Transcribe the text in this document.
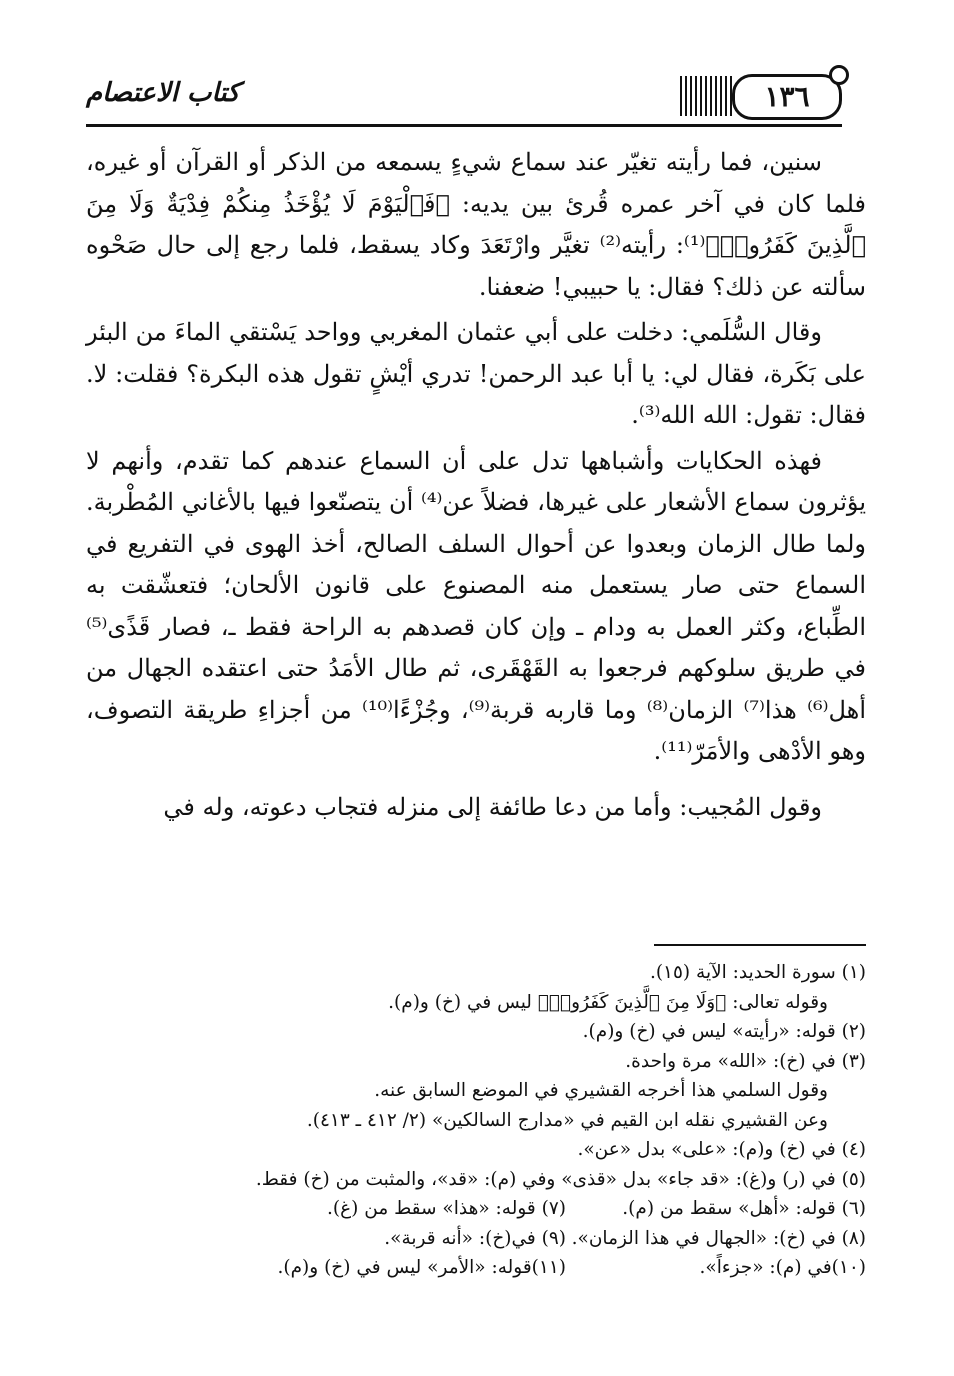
كتاب الاعتصام	١٣٦

سنين، فما رأيته تغيّر عند سماع شيءٍ يسمعه من الذكر أو القرآن أو غيره، فلما كان في آخر عمره قُرئ بين يديه: ﴿فَٱلْيَوْمَ لَا يُؤْخَذُ مِنكُمْ فِدْيَةٌ وَلَا مِنَ ٱلَّذِينَ كَفَرُوا۟﴾⁽¹⁾: رأيته⁽²⁾ تغيَّر وارْتَعَدَ وكاد يسقط، فلما رجع إلى حال صَحْوه سألته عن ذلك؟ فقال: يا حبيبي! ضعفنا.

وقال السُّلَمي: دخلت على أبي عثمان المغربي وواحد يَسْتقي الماءَ من البئر على بَكَرة، فقال لي: يا أبا عبد الرحمن! تدري أيْشٍ تقول هذه البكرة؟ فقلت: لا. فقال: تقول: الله الله⁽³⁾.

فهذه الحكايات وأشباهها تدل على أن السماع عندهم كما تقدم، وأنهم لا يؤثرون سماع الأشعار على غيرها، فضلاً عن⁽⁴⁾ أن يتصنّعوا فيها بالأغاني المُطْربة. ولما طال الزمان وبعدوا عن أحوال السلف الصالح، أخذ الهوى في التفريع في السماع حتى صار يستعمل منه المصنوع على قانون الألحان؛ فتعشّقت به الطِّباع، وكثر العمل به ودام ـ وإن كان قصدهم به الراحة فقط ـ، فصار قَذًى⁽⁵⁾ في طريق سلوكهم فرجعوا به القَهْقَرى، ثم طال الأمَدُ حتى اعتقده الجهال من أهل⁽⁶⁾ هذا⁽⁷⁾ الزمان⁽⁸⁾ وما قاربه قربة⁽⁹⁾، وجُزْءًا⁽¹⁰⁾ من أجزاءِ طريقة التصوف، وهو الأدْهى والأمَرّ⁽¹¹⁾.

وقول المُجيب: وأما من دعا طائفة إلى منزله فتجاب دعوته، وله في

(١) سورة الحديد: الآية (١٥).
وقوله تعالى: ﴿وَلَا مِنَ ٱلَّذِينَ كَفَرُوا۟﴾ ليس في (خ) و(م).
(٢) قوله: «رأيته» ليس في (خ) و(م).
(٣) في (خ): «الله» مرة واحدة.
وقول السلمي هذا أخرجه القشيري في الموضع السابق عنه.
وعن القشيري نقله ابن القيم في «مدارج السالكين» (٢/ ٤١٢ ـ ٤١٣).
(٤) في (خ) و(م): «على» بدل «عن».
(٥) في (ر) و(غ): «قد جاء» بدل «قذى» وفي (م): «قد»، والمثبت من (خ) فقط.
(٦) قوله: «أهل» سقط من (م).
(٧) قوله: «هذا» سقط من (غ).
(٨) في (خ): «الجهال في هذا الزمان».
(٩) في(خ): «أنه قربة».
(١٠)في (م): «جزءاً».
(١١)قوله: «الأمر» ليس في (خ) و(م).
